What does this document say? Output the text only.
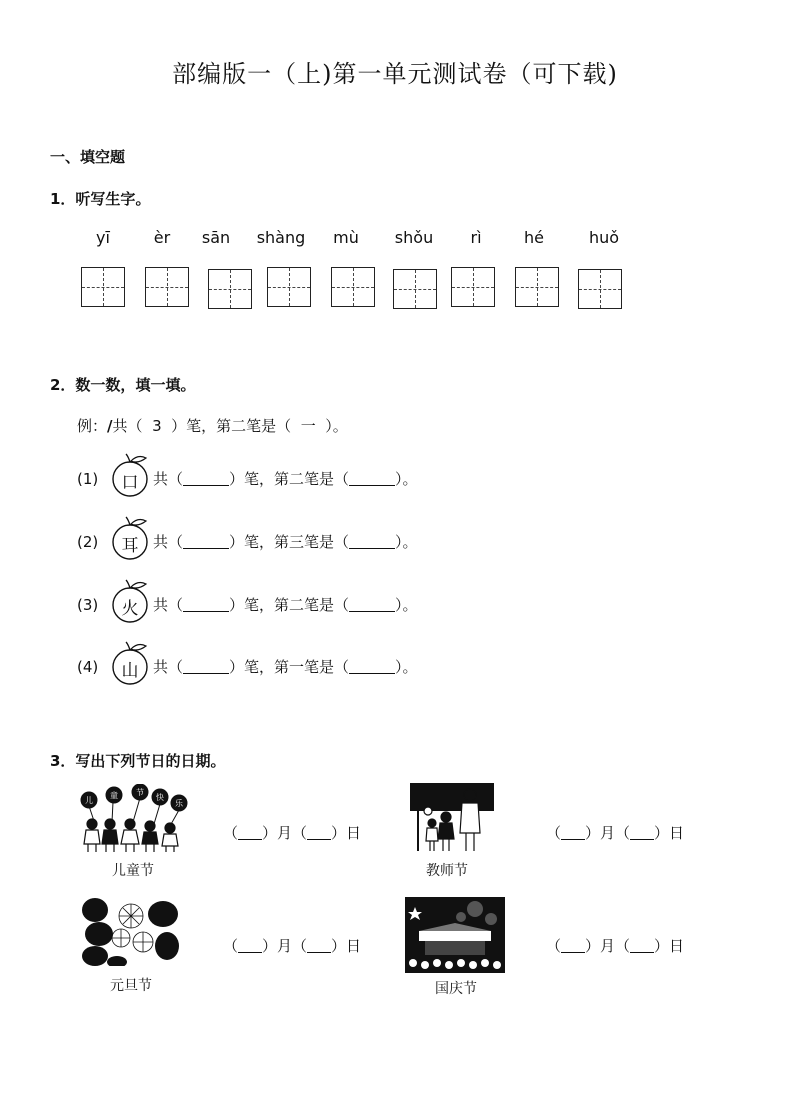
部编版一（上)第一单元测试卷（可下载)
一、填空题
1．听写生字。
yī	èr	sān	shàng	mù	shǒu	rì	hé	huǒ
2．数一数，填一填。
例：/共（ 3 ）笔，第二笔是（ 一 ）。
(1)	口 共（	）笔，第二笔是（	）。
(2)	耳 共（	）笔，第三笔是（	）。
(3)	火 共（	）笔，第二笔是（	）。
(4)	山 共（	）笔，第一笔是（	）。
3．写出下列节日的日期。
儿
童 节
快
乐
儿童节	教师节
元旦节	国庆节
（ ）月（ ）日	（ ）月（ ）日
（ ）月（ ）日	（ ）月（ ）日
